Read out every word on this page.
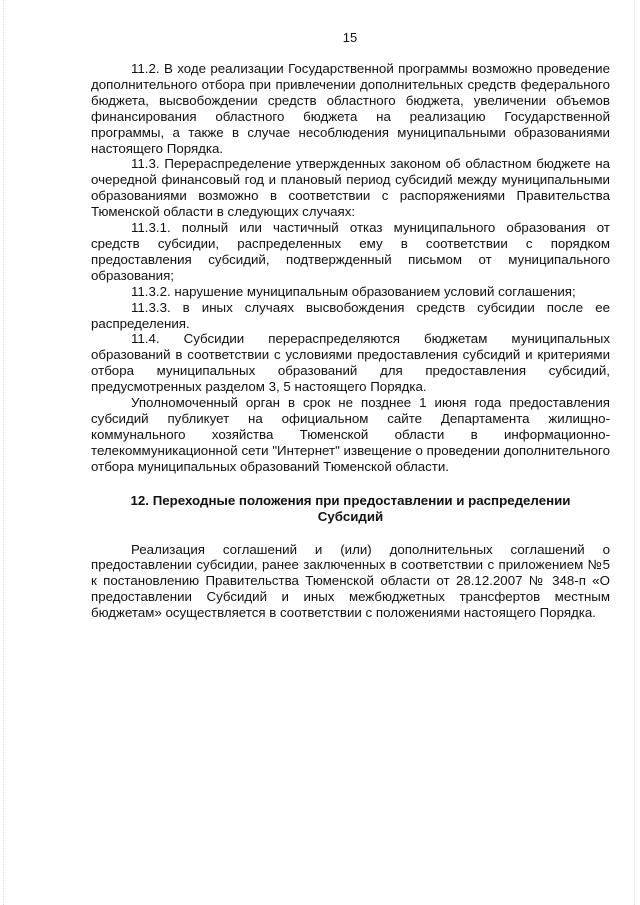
15

11.2. В ходе реализации Государственной программы возможно проведение дополнительного отбора при привлечении дополнительных средств федерального бюджета, высвобождении средств областного бюджета, увеличении объемов финансирования областного бюджета на реализацию Государственной программы, а также в случае несоблюдения муниципальными образованиями настоящего Порядка.

11.3. Перераспределение утвержденных законом об областном бюджете на очередной финансовый год и плановый период субсидий между муниципальными образованиями возможно в соответствии с распоряжениями Правительства Тюменской области в следующих случаях:

11.3.1. полный или частичный отказ муниципального образования от средств субсидии, распределенных ему в соответствии с порядком предоставления субсидий, подтвержденный письмом от муниципального образования;

11.3.2. нарушение муниципальным образованием условий соглашения;

11.3.3. в иных случаях высвобождения средств субсидии после ее распределения.

11.4. Субсидии перераспределяются бюджетам муниципальных образований в соответствии с условиями предоставления субсидий и критериями отбора муниципальных образований для предоставления субсидий, предусмотренных разделом 3, 5 настоящего Порядка.

Уполномоченный орган в срок не позднее 1 июня года предоставления субсидий публикует на официальном сайте Департамента жилищно-коммунального хозяйства Тюменской области в информационно-телекоммуникационной сети "Интернет" извещение о проведении дополнительного отбора муниципальных образований Тюменской области.

12. Переходные положения при предоставлении и распределении Субсидий

Реализация соглашений и (или) дополнительных соглашений о предоставлении субсидии, ранее заключенных в соответствии с приложением №5 к постановлению Правительства Тюменской области от 28.12.2007 № 348-п «О предоставлении Субсидий и иных межбюджетных трансфертов местным бюджетам» осуществляется в соответствии с положениями настоящего Порядка.
